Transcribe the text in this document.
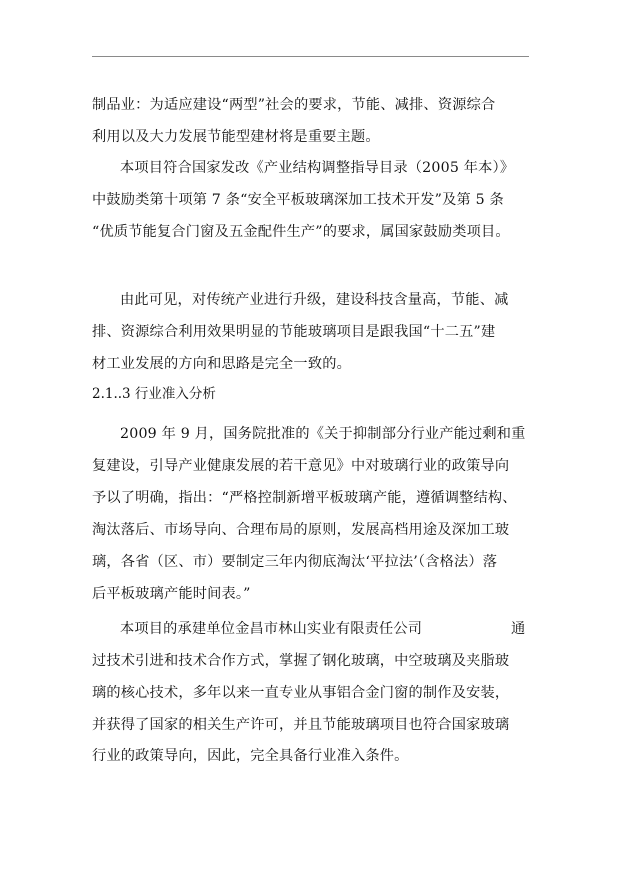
制品业：为适应建设“两型”社会的要求，节能、减排、资源综合
利用以及大力发展节能型建材将是重要主题。
本项目符合国家发改《产业结构调整指导目录（2005 年本）》
中鼓励类第十项第 7 条“安全平板玻璃深加工技术开发”及第 5 条
“优质节能复合门窗及五金配件生产”的要求，属国家鼓励类项目。
由此可见，对传统产业进行升级，建设科技含量高，节能、减
排、资源综合利用效果明显的节能玻璃项目是跟我国“十二五”建
材工业发展的方向和思路是完全一致的。
2.1..3 行业准入分析
2009 年 9 月，国务院批准的《关于抑制部分行业产能过剩和重
复建设，引导产业健康发展的若干意见》中对玻璃行业的政策导向
予以了明确，指出：“严格控制新增平板玻璃产能，遵循调整结构、
淘汰落后、市场导向、合理布局的原则，发展高档用途及深加工玻
璃，各省（区、市）要制定三年内彻底淘汰‘平拉法’（含格法）落
后平板玻璃产能时间表。”
本项目的承建单位金昌市林山实业有限责任公司	通
过技术引进和技术合作方式，掌握了钢化玻璃，中空玻璃及夹脂玻
璃的核心技术，多年以来一直专业从事铝合金门窗的制作及安装，
并获得了国家的相关生产许可，并且节能玻璃项目也符合国家玻璃
行业的政策导向，因此，完全具备行业准入条件。
